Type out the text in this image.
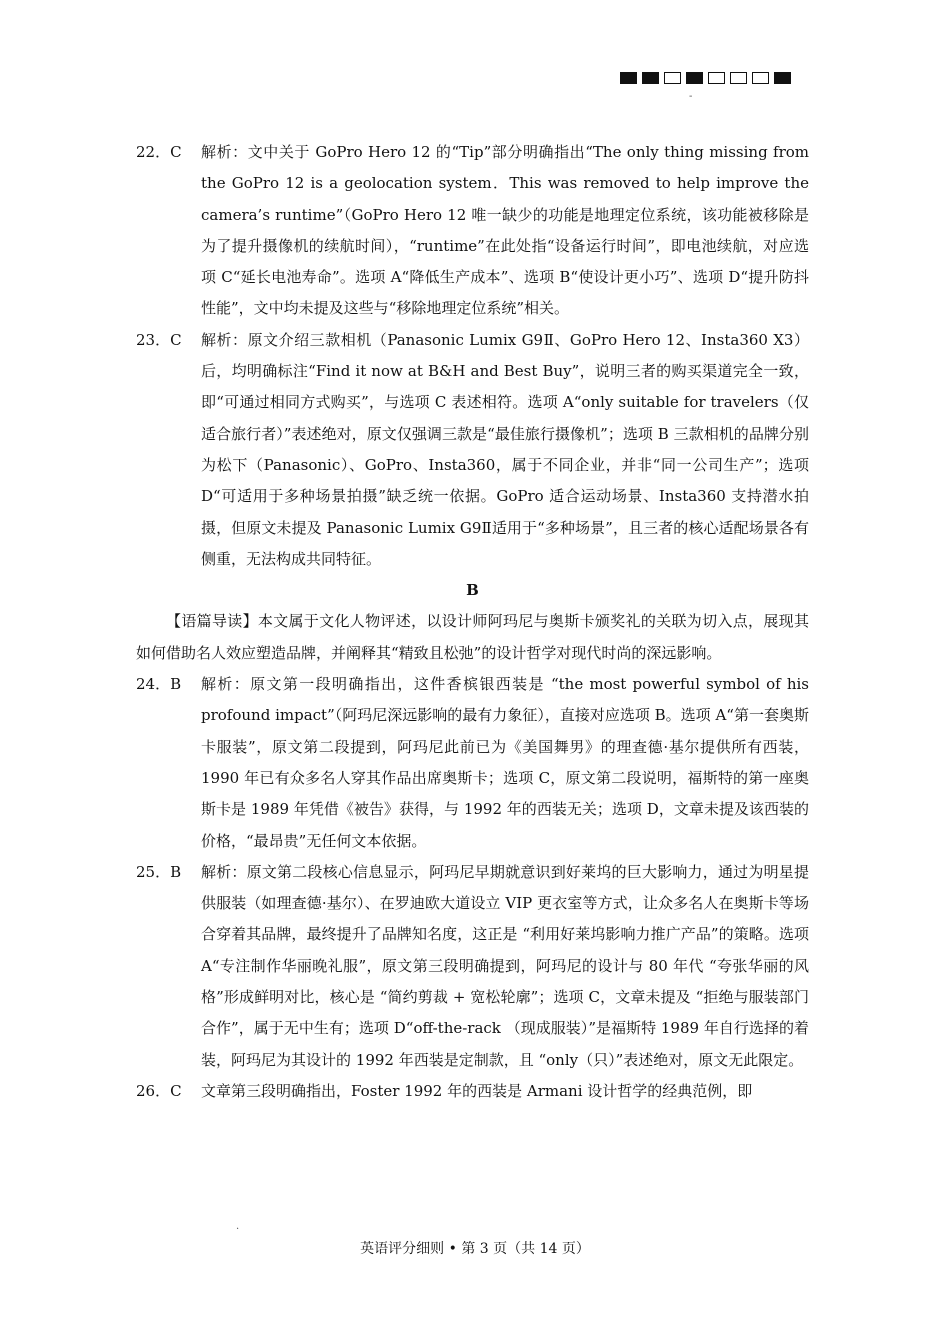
-
22．C	解析：文中关于 GoPro Hero 12 的“Tip”部分明确指出“The only thing missing from the GoPro 12 is a geolocation system．This was removed to help improve the camera’s runtime”（GoPro Hero 12 唯一缺少的功能是地理定位系统，该功能被移除是为了提升摄像机的续航时间），“runtime”在此处指“设备运行时间”，即电池续航，对应选项 C“延长电池寿命”。选项 A“降低生产成本”、选项 B“使设计更小巧”、选项 D“提升防抖性能”，文中均未提及这些与“移除地理定位系统”相关。
23．C	解析：原文介绍三款相机（Panasonic Lumix G9Ⅱ、GoPro Hero 12、Insta360 X3）后，均明确标注“Find it now at B&H and Best Buy”，说明三者的购买渠道完全一致，即“可通过相同方式购买”，与选项 C 表述相符。选项 A“only suitable for travelers（仅适合旅行者）”表述绝对，原文仅强调三款是“最佳旅行摄像机”；选项 B 三款相机的品牌分别为松下（Panasonic）、GoPro、Insta360，属于不同企业，并非“同一公司生产”；选项 D“可适用于多种场景拍摄”缺乏统一依据。GoPro 适合运动场景、Insta360 支持潜水拍摄，但原文未提及 Panasonic Lumix G9Ⅱ适用于“多种场景”，且三者的核心适配场景各有侧重，无法构成共同特征。
B
【语篇导读】本文属于文化人物评述，以设计师阿玛尼与奥斯卡颁奖礼的关联为切入点，展现其如何借助名人效应塑造品牌，并阐释其“精致且松弛”的设计哲学对现代时尚的深远影响。
24．B	解析：原文第一段明确指出，这件香槟银西装是 “the most powerful symbol of his profound impact”（阿玛尼深远影响的最有力象征），直接对应选项 B。选项 A“第一套奥斯卡服装”，原文第二段提到，阿玛尼此前已为《美国舞男》的理查德·基尔提供所有西装，1990 年已有众多名人穿其作品出席奥斯卡；选项 C，原文第二段说明，福斯特的第一座奥斯卡是 1989 年凭借《被告》获得，与 1992 年的西装无关；选项 D，文章未提及该西装的价格，“最昂贵”无任何文本依据。
25．B	解析：原文第二段核心信息显示，阿玛尼早期就意识到好莱坞的巨大影响力，通过为明星提供服装（如理查德·基尔）、在罗迪欧大道设立 VIP 更衣室等方式，让众多名人在奥斯卡等场合穿着其品牌，最终提升了品牌知名度，这正是 “利用好莱坞影响力推广产品”的策略。选项 A“专注制作华丽晚礼服”，原文第三段明确提到，阿玛尼的设计与 80 年代 “夸张华丽的风格”形成鲜明对比，核心是 “简约剪裁 + 宽松轮廓”；选项 C，文章未提及 “拒绝与服装部门合作”，属于无中生有；选项 D“off-the-rack （现成服装）”是福斯特 1989 年自行选择的着装，阿玛尼为其设计的 1992 年西装是定制款，且 “only（只）”表述绝对，原文无此限定。
26．C	文章第三段明确指出，Foster 1992 年的西装是 Armani 设计哲学的经典范例，即
.
英语评分细则 • 第 3 页（共 14 页）
